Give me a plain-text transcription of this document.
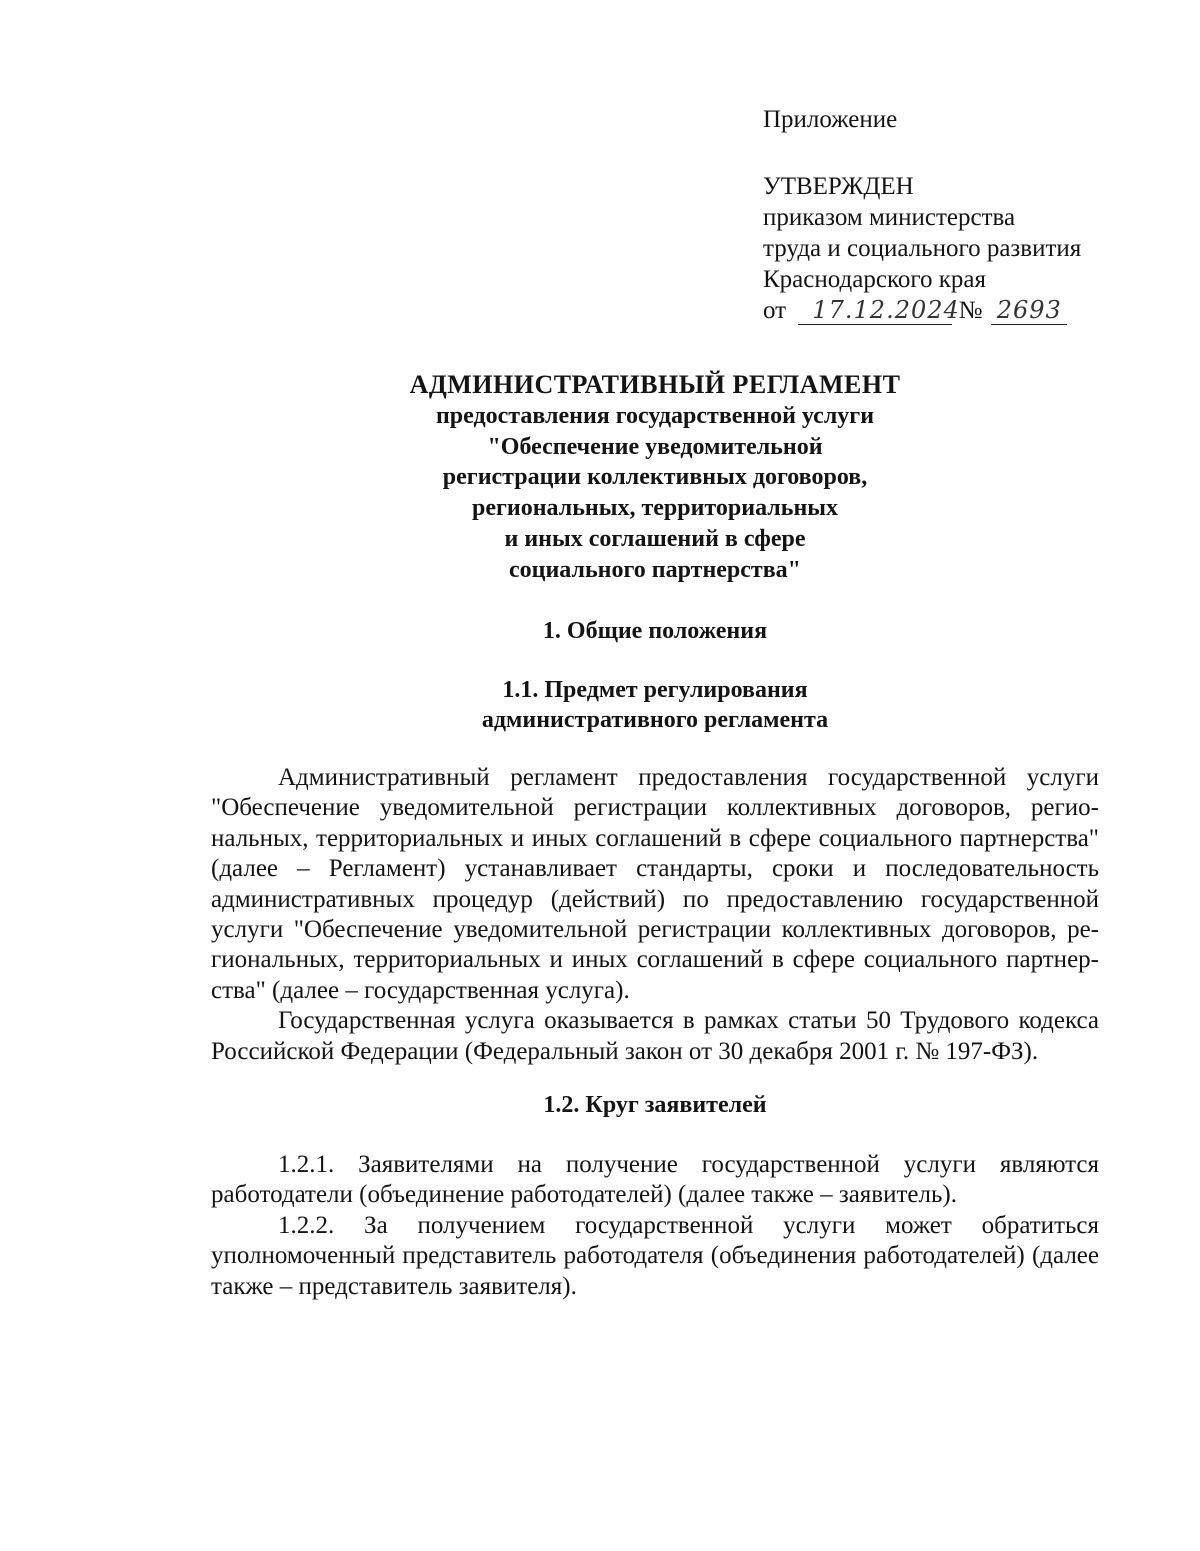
Приложение
УТВЕРЖДЕН
приказом министерства
труда и социального развития
Краснодарского края
от 17.12.2024 № 2693
АДМИНИСТРАТИВНЫЙ РЕГЛАМЕНТ
предоставления государственной услуги
"Обеспечение уведомительной
регистрации коллективных договоров,
региональных, территориальных
и иных соглашений в сфере
социального партнерства"
1. Общие положения
1.1. Предмет регулирования
административного регламента

Административный регламент предоставления государственной услуги "Обеспечение уведомительной регистрации коллективных договоров, региональных, территориальных и иных соглашений в сфере социального партнерства" (далее – Регламент) устанавливает стандарты, сроки и последовательность административных процедур (действий) по предоставлению государственной услуги "Обеспечение уведомительной регистрации коллективных договоров, региональных, территориальных и иных соглашений в сфере социального партнерства" (далее – государственная услуга).

Государственная услуга оказывается в рамках статьи 50 Трудового кодекса Российской Федерации (Федеральный закон от 30 декабря 2001 г. № 197-ФЗ).

1.2. Круг заявителей

1.2.1. Заявителями на получение государственной услуги являются работодатели (объединение работодателей) (далее также – заявитель).

1.2.2. За получением государственной услуги может обратиться уполномоченный представитель работодателя (объединения работодателей) (далее также – представитель заявителя).
